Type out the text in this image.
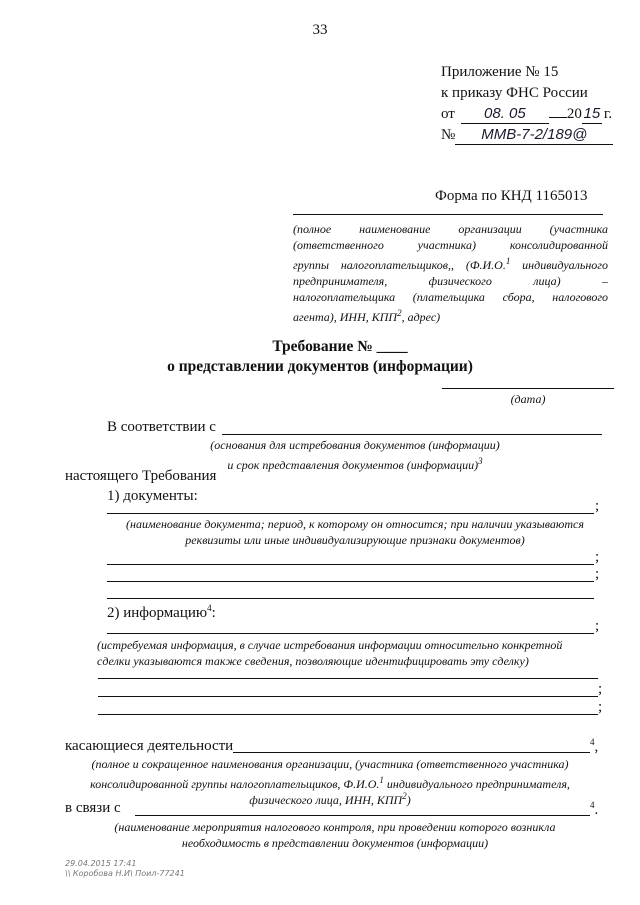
33
Приложение № 15
к приказу ФНС России
от	08. 05	20 15 г.
№	ММВ-7-2/189@
Форма по КНД 1165013
(полное наименование организации (участника
(ответственного участника) консолидированной
группы налогоплательщиков,, (Ф.И.О.$^1$ индивидуального
предпринимателя, физического лица) –
налогоплательщика (плательщика сбора, налогового
агента), ИНН, КПП$^2$, адрес)
Требование № ____
о представлении документов (информации)
(дата)
В соответствии с
(основания для истребования документов (информации)
и срок представления документов (информации)$^3$
настоящего Требования
1) документы:
;
(наименование документа; период, к которому он относится; при наличии указываются
реквизиты или иные индивидуализирующие признаки документов)
;
;
2) информацию$^4$:
;
(истребуемая информация, в случае истребования информации относительно конкретной
сделки указываются также сведения, позволяющие идентифицировать эту сделку)
;
;
касающиеся деятельности	$^4$,
(полное и сокращенное наименования организации, (участника (ответственного участника)
консолидированной группы налогоплательщиков, Ф.И.О.$^1$ индивидуального предпринимателя,
физического лица, ИНН, КПП$^2$)
в связи с	$^4$.
(наименование мероприятия налогового контроля, при проведении которого возникла
необходимость в представлении документов (информации)
29.04.2015 17:41
\\ Коробова Н.И\ Поил-77241
